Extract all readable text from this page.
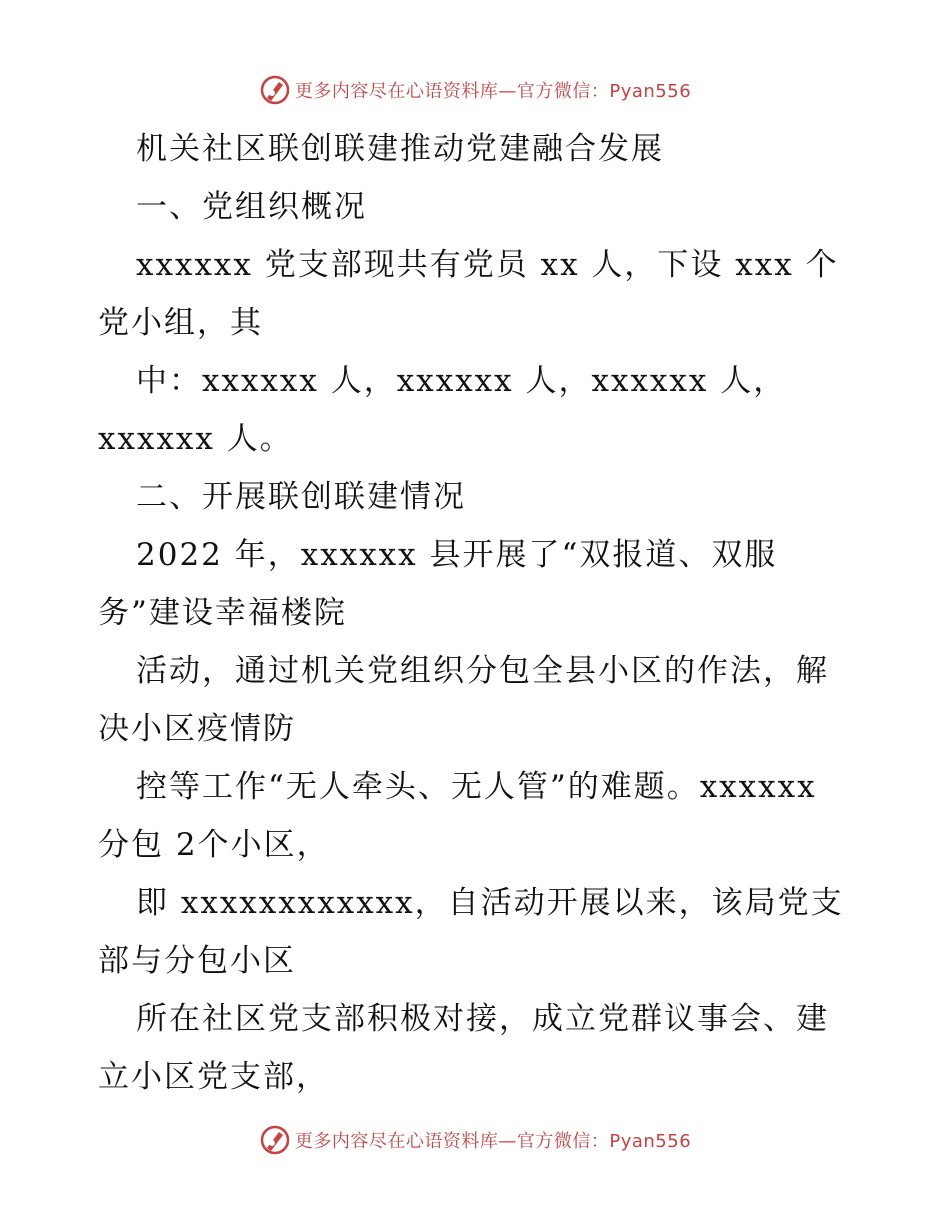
更多内容尽在心语资料库—官方微信：Pyan556
机关社区联创联建推动党建融合发展
一、党组织概况
xxxxxx 党支部现共有党员 xx 人，下设 xxx 个
党小组，其
中：xxxxxx 人，xxxxxx 人，xxxxxx 人，
xxxxxx 人。
二、开展联创联建情况
2022 年，xxxxxx 县开展了“双报道、双服
务”建设幸福楼院
活动，通过机关党组织分包全县小区的作法，解
决小区疫情防
控等工作“无人牵头、无人管”的难题。xxxxxx
分包 2个小区，
即 xxxxxxxxxxxx，自活动开展以来，该局党支
部与分包小区
所在社区党支部积极对接，成立党群议事会、建
立小区党支部，
更多内容尽在心语资料库—官方微信：Pyan556
